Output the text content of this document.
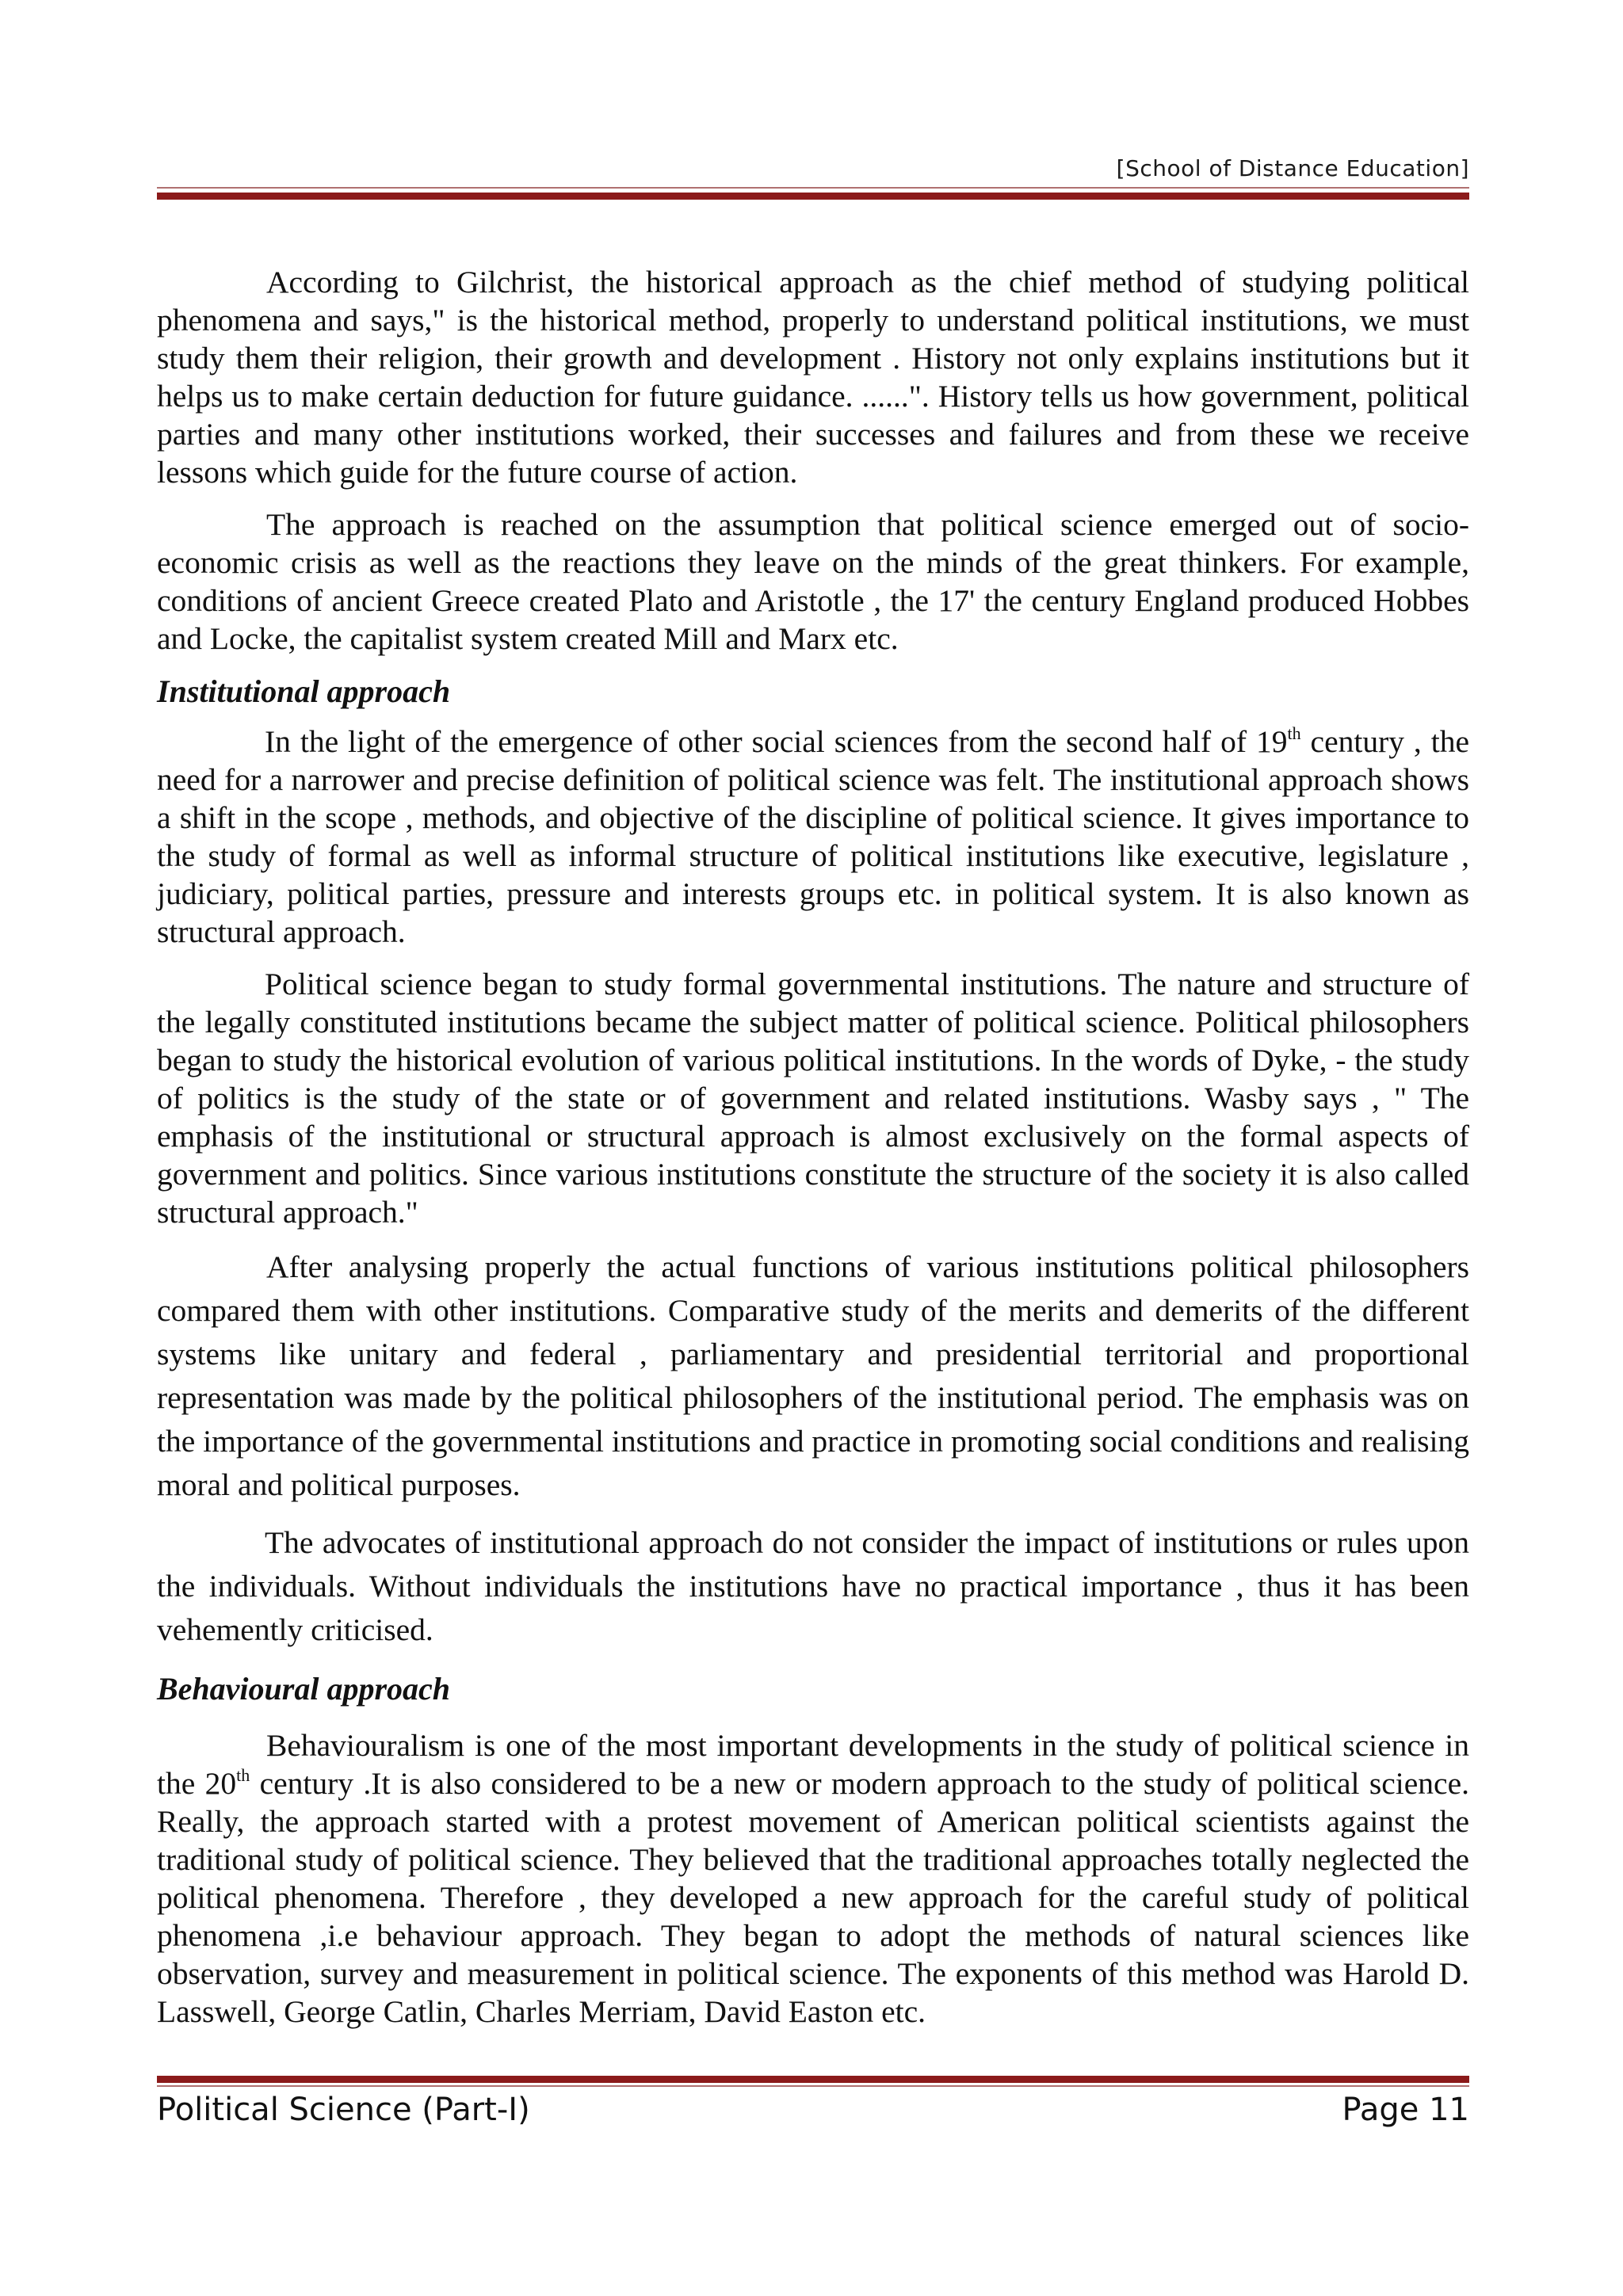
[School of Distance Education]

According to Gilchrist, the historical approach as the chief method of studying political phenomena and says," is the historical method, properly to understand political institutions, we must study them their religion, their growth and development . History not only explains institutions but it helps us to make certain deduction for future guidance. ......". History tells us how government, political parties and many other institutions worked, their successes and failures and from these we receive lessons which guide for the future course of action.

The approach is reached on the assumption that political science emerged out of socio-economic crisis as well as the reactions they leave on the minds of the great thinkers. For example, conditions of ancient Greece created Plato and Aristotle , the 17' the century England produced Hobbes and Locke, the capitalist system created Mill and Marx etc.

Institutional approach

In the light of the emergence of other social sciences from the second half of 19th century , the need for a narrower and precise definition of political science was felt. The institutional approach shows a shift in the scope , methods, and objective of the discipline of political science. It gives importance to the study of formal as well as informal structure of political institutions like executive, legislature , judiciary, political parties, pressure and interests groups etc. in political system. It is also known as structural approach.

Political science began to study formal governmental institutions. The nature and structure of the legally constituted institutions became the subject matter of political science. Political philosophers began to study the historical evolution of various political institutions. In the words of Dyke, - the study of politics is the study of the state or of government and related institutions. Wasby says , " The emphasis of the institutional or structural approach is almost exclusively on the formal aspects of government and politics. Since various institutions constitute the structure of the society it is also called structural approach."

After analysing properly the actual functions of various institutions political philosophers compared them with other institutions. Comparative study of the merits and demerits of the different systems like unitary and federal , parliamentary and presidential territorial and proportional representation was made by the political philosophers of the institutional period. The emphasis was on the importance of the governmental institutions and practice in promoting social conditions and realising moral and political purposes.

The advocates of institutional approach do not consider the impact of institutions or rules upon the individuals. Without individuals the institutions have no practical importance , thus it has been vehemently criticised.

Behavioural approach

Behaviouralism is one of the most important developments in the study of political science in the 20th century .It is also considered to be a new or modern approach to the study of political science. Really, the approach started with a protest movement of American political scientists against the traditional study of political science. They believed that the traditional approaches totally neglected the political phenomena. Therefore , they developed a new approach for the careful study of political phenomena ,i.e behaviour approach. They began to adopt the methods of natural sciences like observation, survey and measurement in political science. The exponents of this method was Harold D. Lasswell, George Catlin, Charles Merriam, David Easton etc.

Political Science (Part-I)	Page 11
